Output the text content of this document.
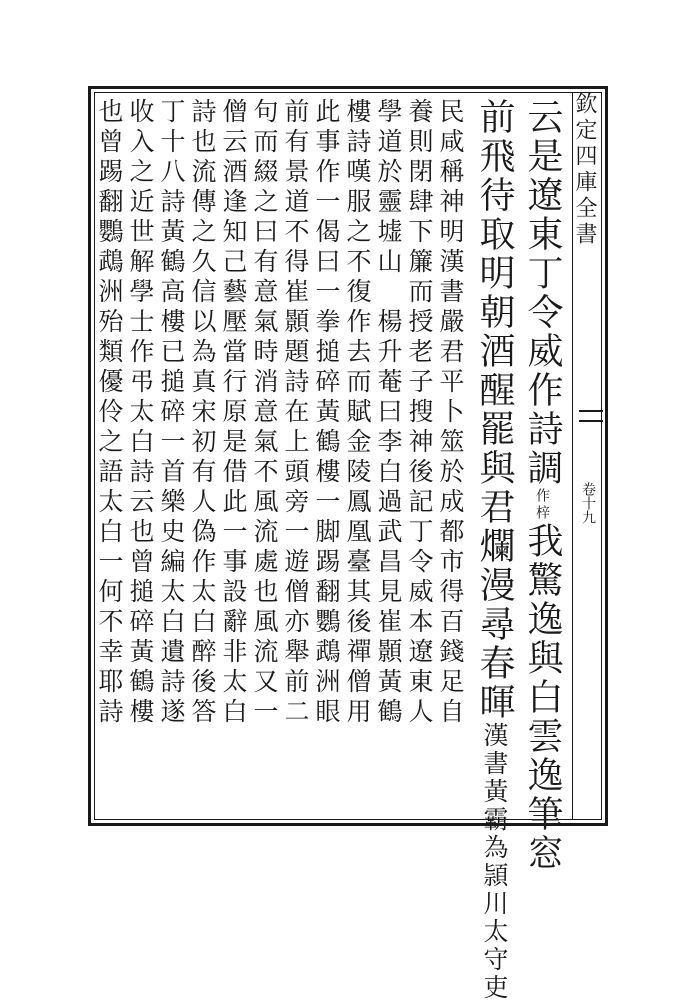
欽定四庫全書
卷十九
云是遼東丁令威作詩調作梓我驚逸與白雲逸筆窓
前飛待取明朝酒醒罷與君爛漫尋春暉漢書黃霸為頴川太守吏
民咸稱神明漢書嚴君平卜筮於成都市得百錢足自
養則閉肆下簾而授老子搜神後記丁令威本遼東人
學道於靈墟山　楊升菴曰李白過武昌見崔顥黃鶴
樓詩嘆服之不復作去而賦金陵鳳凰臺其後禪僧用
此事作一偈曰一拳搥碎黃鶴樓一脚踢翻鸚鵡洲眼
前有景道不得崔顥題詩在上頭旁一遊僧亦舉前二
句而綴之曰有意氣時消意氣不風流處也風流又一
僧云酒逢知己藝壓當行原是借此一事設辭非太白
詩也流傳之久信以為真宋初有人偽作太白醉後答
丁十八詩黃鶴高樓已搥碎一首樂史編太白遺詩遂
收入之近世解學士作弔太白詩云也曾搥碎黃鶴樓
也曾踢翻鸚鵡洲殆類優伶之語太白一何不幸耶詩
